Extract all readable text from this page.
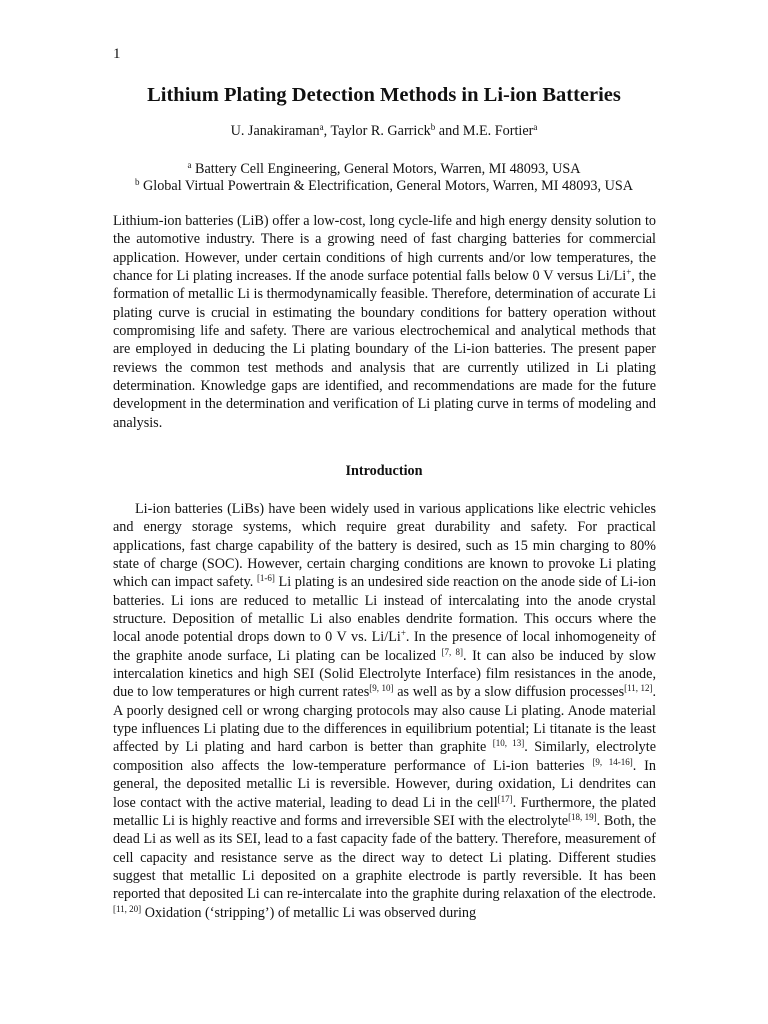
1
Lithium Plating Detection Methods in Li-ion Batteries
U. Janakiraman$^a$, Taylor R. Garrick$^b$ and M.E. Fortier$^a$
$^a$ Battery Cell Engineering, General Motors, Warren, MI 48093, USA
$^b$ Global Virtual Powertrain & Electrification, General Motors, Warren, MI 48093, USA

Lithium-ion batteries (LiB) offer a low-cost, long cycle-life and high energy density solution to the automotive industry. There is a growing need of fast charging batteries for commercial application. However, under certain conditions of high currents and/or low temperatures, the chance for Li plating increases. If the anode surface potential falls below 0 V versus Li/Li+, the formation of metallic Li is thermodynamically feasible. Therefore, determination of accurate Li plating curve is crucial in estimating the boundary conditions for battery operation without compromising life and safety. There are various electrochemical and analytical methods that are employed in deducing the Li plating boundary of the Li-ion batteries. The present paper reviews the common test methods and analysis that are currently utilized in Li plating determination. Knowledge gaps are identified, and recommendations are made for the future development in the determination and verification of Li plating curve in terms of modeling and analysis.

Introduction

Li-ion batteries (LiBs) have been widely used in various applications like electric vehicles and energy storage systems, which require great durability and safety. For practical applications, fast charge capability of the battery is desired, such as 15 min charging to 80% state of charge (SOC). However, certain charging conditions are known to provoke Li plating which can impact safety. [1-6] Li plating is an undesired side reaction on the anode side of Li-ion batteries. Li ions are reduced to metallic Li instead of intercalating into the anode crystal structure. Deposition of metallic Li also enables dendrite formation. This occurs where the local anode potential drops down to 0 V vs. Li/Li+. In the presence of local inhomogeneity of the graphite anode surface, Li plating can be localized [7, 8]. It can also be induced by slow intercalation kinetics and high SEI (Solid Electrolyte Interface) film resistances in the anode, due to low temperatures or high current rates[9, 10] as well as by a slow diffusion processes[11, 12]. A poorly designed cell or wrong charging protocols may also cause Li plating. Anode material type influences Li plating due to the differences in equilibrium potential; Li titanate is the least affected by Li plating and hard carbon is better than graphite [10, 13]. Similarly, electrolyte composition also affects the low-temperature performance of Li-ion batteries [9, 14-16]. In general, the deposited metallic Li is reversible. However, during oxidation, Li dendrites can lose contact with the active material, leading to dead Li in the cell[17]. Furthermore, the plated metallic Li is highly reactive and forms and irreversible SEI with the electrolyte[18, 19]. Both, the dead Li as well as its SEI, lead to a fast capacity fade of the battery. Therefore, measurement of cell capacity and resistance serve as the direct way to detect Li plating. Different studies suggest that metallic Li deposited on a graphite electrode is partly reversible. It has been reported that deposited Li can re-intercalate into the graphite during relaxation of the electrode.[11, 20] Oxidation (‘stripping’) of metallic Li was observed during
